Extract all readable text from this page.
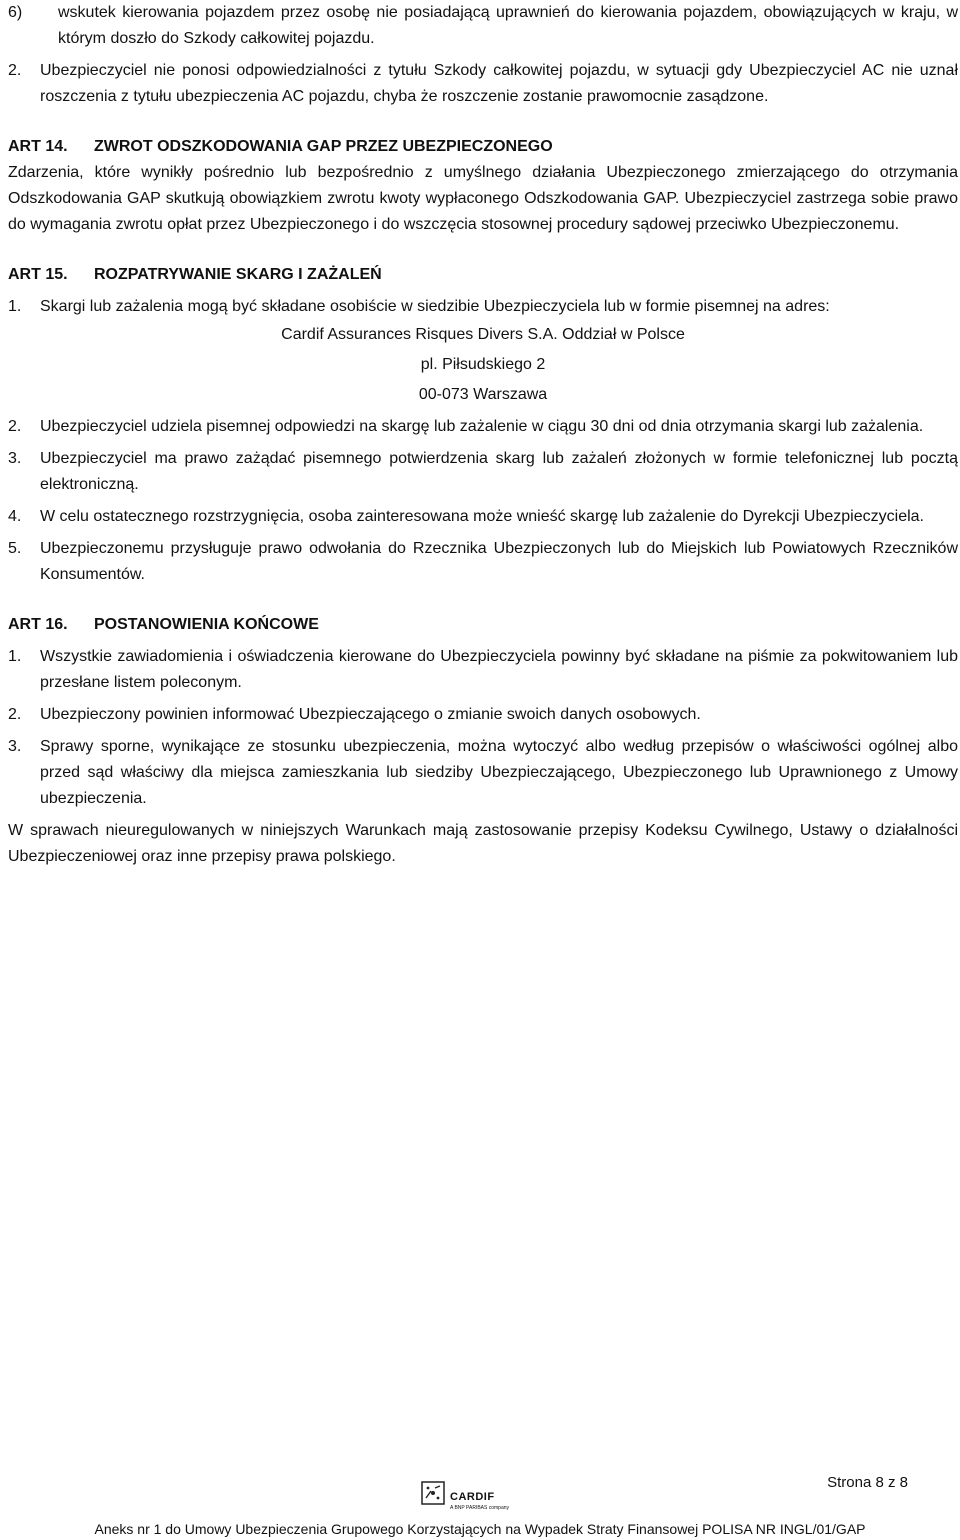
6)	wskutek kierowania pojazdem przez osobę nie posiadającą uprawnień do kierowania pojazdem, obowiązujących w kraju, w którym doszło do Szkody całkowitej pojazdu.
2.	Ubezpieczyciel nie ponosi odpowiedzialności z tytułu Szkody całkowitej pojazdu, w sytuacji gdy Ubezpieczyciel AC nie uznał roszczenia z tytułu ubezpieczenia AC pojazdu, chyba że roszczenie zostanie prawomocnie zasądzone.
ART 14.	ZWROT ODSZKODOWANIA GAP PRZEZ UBEZPIECZONEGO
Zdarzenia, które wynikły pośrednio lub bezpośrednio z umyślnego działania Ubezpieczonego zmierzającego do otrzymania Odszkodowania GAP skutkują obowiązkiem zwrotu kwoty wypłaconego Odszkodowania GAP. Ubezpieczyciel zastrzega sobie prawo do wymagania zwrotu opłat przez Ubezpieczonego i do wszczęcia stosownej procedury sądowej przeciwko Ubezpieczonemu.
ART 15.	ROZPATRYWANIE SKARG I ZAŻALEŃ
1.	Skargi lub zażalenia mogą być składane osobiście w siedzibie Ubezpieczyciela lub w formie pisemnej na adres:
Cardif Assurances Risques Divers S.A. Oddział w Polsce
pl. Piłsudskiego 2
00-073 Warszawa
2.	Ubezpieczyciel udziela pisemnej odpowiedzi na skargę lub zażalenie w ciągu 30 dni od dnia otrzymania skargi lub zażalenia.
3.	Ubezpieczyciel ma prawo zażądać pisemnego potwierdzenia skarg lub zażaleń złożonych w formie telefonicznej lub pocztą elektroniczną.
4.	W celu ostatecznego rozstrzygnięcia, osoba zainteresowana może wnieść skargę lub zażalenie do Dyrekcji Ubezpieczyciela.
5.	Ubezpieczonemu przysługuje prawo odwołania do Rzecznika Ubezpieczonych lub do Miejskich lub Powiatowych Rzeczników Konsumentów.
ART 16.	POSTANOWIENIA KOŃCOWE
1.	Wszystkie zawiadomienia i oświadczenia kierowane do Ubezpieczyciela powinny być składane na piśmie za pokwitowaniem lub przesłane listem poleconym.
2.	Ubezpieczony powinien informować Ubezpieczającego o zmianie swoich danych osobowych.
3.	Sprawy sporne, wynikające ze stosunku ubezpieczenia, można wytoczyć albo według przepisów o właściwości ogólnej albo przed sąd właściwy dla miejsca zamieszkania lub siedziby Ubezpieczającego, Ubezpieczonego lub Uprawnionego z Umowy ubezpieczenia.
W sprawach nieuregulowanych w niniejszych Warunkach mają zastosowanie przepisy Kodeksu Cywilnego, Ustawy o działalności Ubezpieczeniowej oraz inne przepisy prawa polskiego.
Strona 8 z 8
CARDIF
A BNP PARIBAS company
Aneks nr 1 do Umowy Ubezpieczenia Grupowego Korzystających na Wypadek Straty Finansowej POLISA NR INGL/01/GAP
